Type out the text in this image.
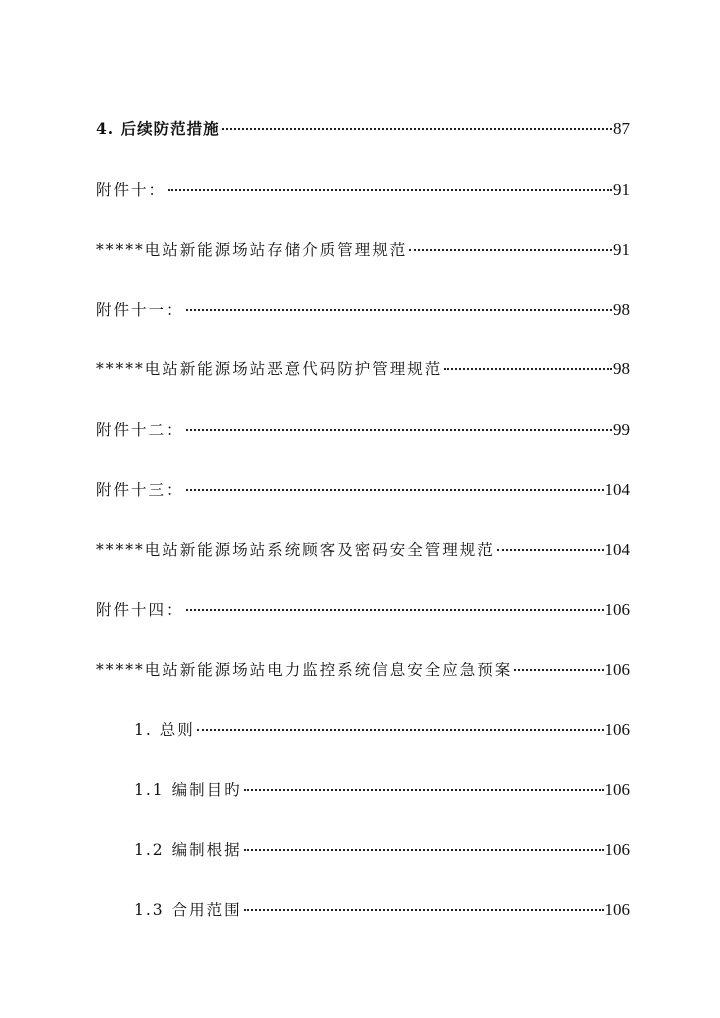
4. 后续防范措施	87
附件十：	91
*****电站新能源场站存储介质管理规范	91
附件十一：	98
*****电站新能源场站恶意代码防护管理规范	98
附件十二：	99
附件十三：	104
*****电站新能源场站系统顾客及密码安全管理规范	104
附件十四：	106
*****电站新能源场站电力监控系统信息安全应急预案	106
1. 总则	106
1.1 编制目旳	106
1.2 编制根据	106
1.3 合用范围	106
